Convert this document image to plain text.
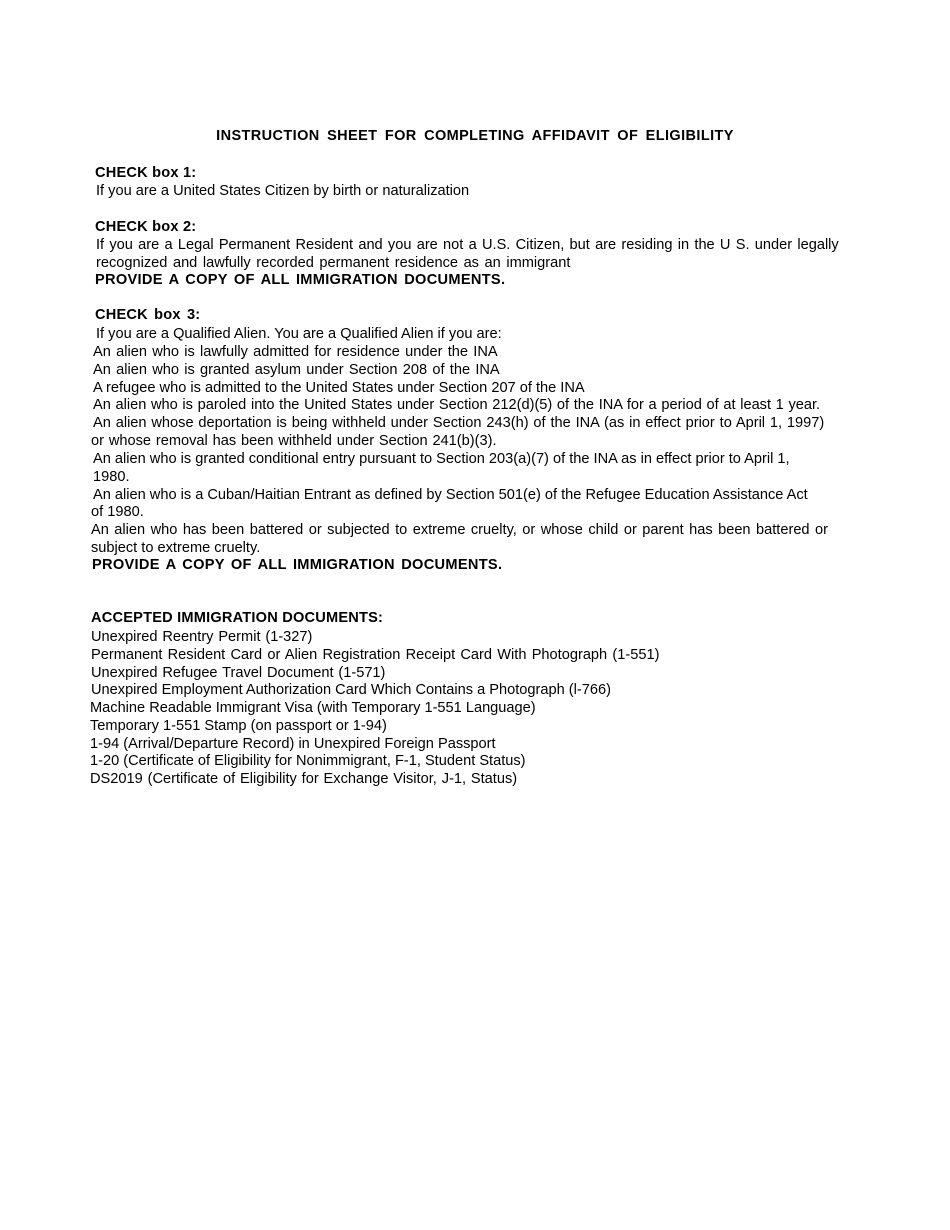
INSTRUCTION SHEET FOR COMPLETING AFFIDAVIT OF ELIGIBILITY
CHECK box 1:
If you are a United States Citizen by birth or naturalization
CHECK box 2:
If you are a Legal Permanent Resident and you are not a U.S. Citizen, but are residing in the U S. under legally
recognized and lawfully recorded permanent residence as an immigrant
PROVIDE A COPY OF ALL IMMIGRATION DOCUMENTS.
CHECK box 3:
If you are a Qualified Alien. You are a Qualified Alien if you are:
An alien who is lawfully admitted for residence under the INA
An alien who is granted asylum under Section 208 of the INA
A refugee who is admitted to the United States under Section 207 of the INA
An alien who is paroled into the United States under Section 212(d)(5) of the INA for a period of at least 1 year.
An alien whose deportation is being withheld under Section 243(h) of the INA (as in effect prior to April 1, 1997)
or whose removal has been withheld under Section 241(b)(3).
An alien who is granted conditional entry pursuant to Section 203(a)(7) of the INA as in effect prior to April 1,
1980.
An alien who is a Cuban/Haitian Entrant as defined by Section 501(e) of the Refugee Education Assistance Act
of 1980.
An alien who has been battered or subjected to extreme cruelty, or whose child or parent has been battered or
subject to extreme cruelty.
PROVIDE A COPY OF ALL IMMIGRATION DOCUMENTS.
ACCEPTED IMMIGRATION DOCUMENTS:
Unexpired Reentry Permit (1-327)
Permanent Resident Card or Alien Registration Receipt Card With Photograph (1-551)
Unexpired Refugee Travel Document (1-571)
Unexpired Employment Authorization Card Which Contains a Photograph (l-766)
Machine Readable Immigrant Visa (with Temporary 1-551 Language)
Temporary 1-551 Stamp (on passport or 1-94)
1-94 (Arrival/Departure Record) in Unexpired Foreign Passport
1-20 (Certificate of Eligibility for Nonimmigrant, F-1, Student Status)
DS2019 (Certificate of Eligibility for Exchange Visitor, J-1, Status)
